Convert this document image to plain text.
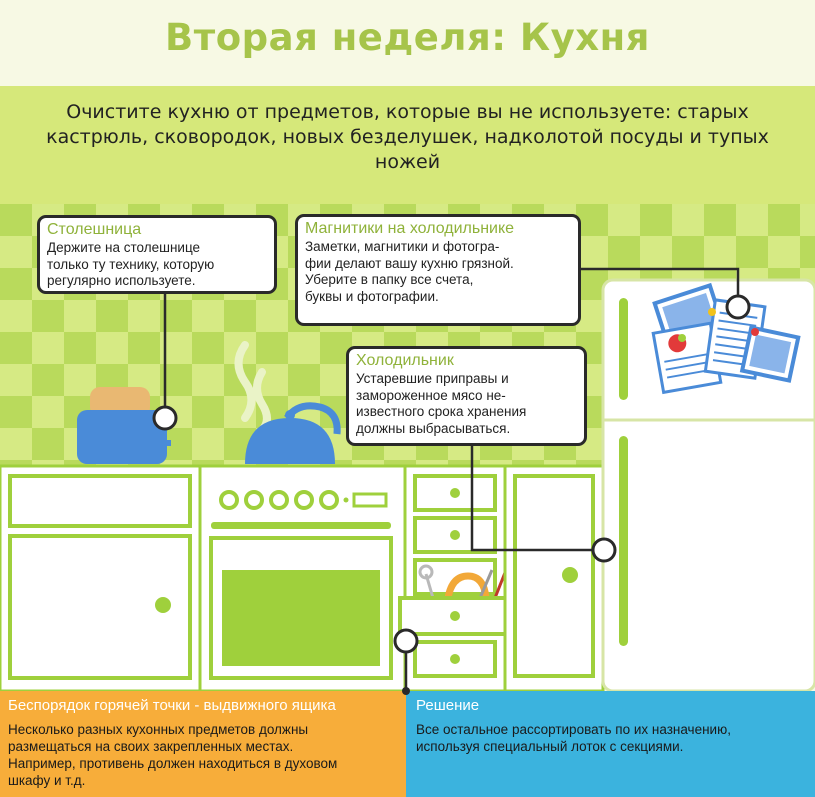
Вторая неделя: Кухня
Очистите кухню от предметов, которые вы не используете: старых кастрюль, сковородок, новых безделушек, надколотой посуды и тупых ножей
Столешница
Держите на столешнице
только ту технику, которую
регулярно используете.
Магнитики на холодильнике
Заметки, магнитики и фотогра-
фии делают вашу кухню грязной.
Уберите в папку все счета,
буквы и фотографии.
Холодильник
Устаревшие приправы и
замороженное мясо не-
известного срока хранения
должны выбрасываться.
Беспорядок горячей точки - выдвижного ящика
Несколько разных кухонных предметов должны
размещаться на своих закрепленных местах.
Например, противень должен находиться в духовом
шкафу и т.д.
Решение
Все остальное рассортировать по их назначению,
используя специальный лоток с секциями.
